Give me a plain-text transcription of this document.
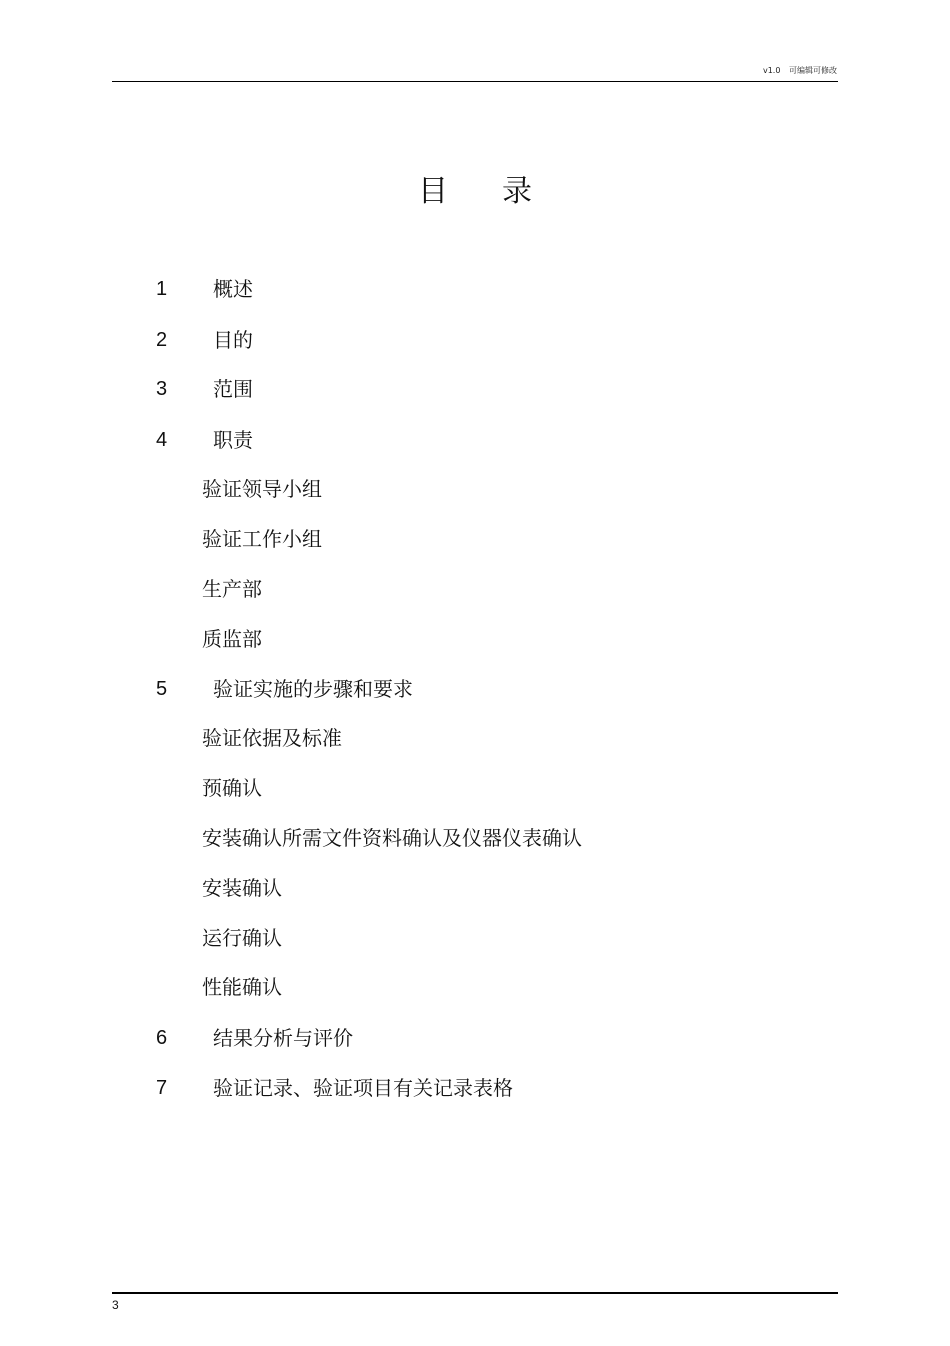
v1.0 可编辑可修改
目 录
1 概述
2 目的
3 范围
4 职责
验证领导小组
验证工作小组
生产部
质监部
5 验证实施的步骤和要求
验证依据及标准
预确认
安装确认所需文件资料确认及仪器仪表确认
安装确认
运行确认
性能确认
6 结果分析与评价
7 验证记录、验证项目有关记录表格
3
